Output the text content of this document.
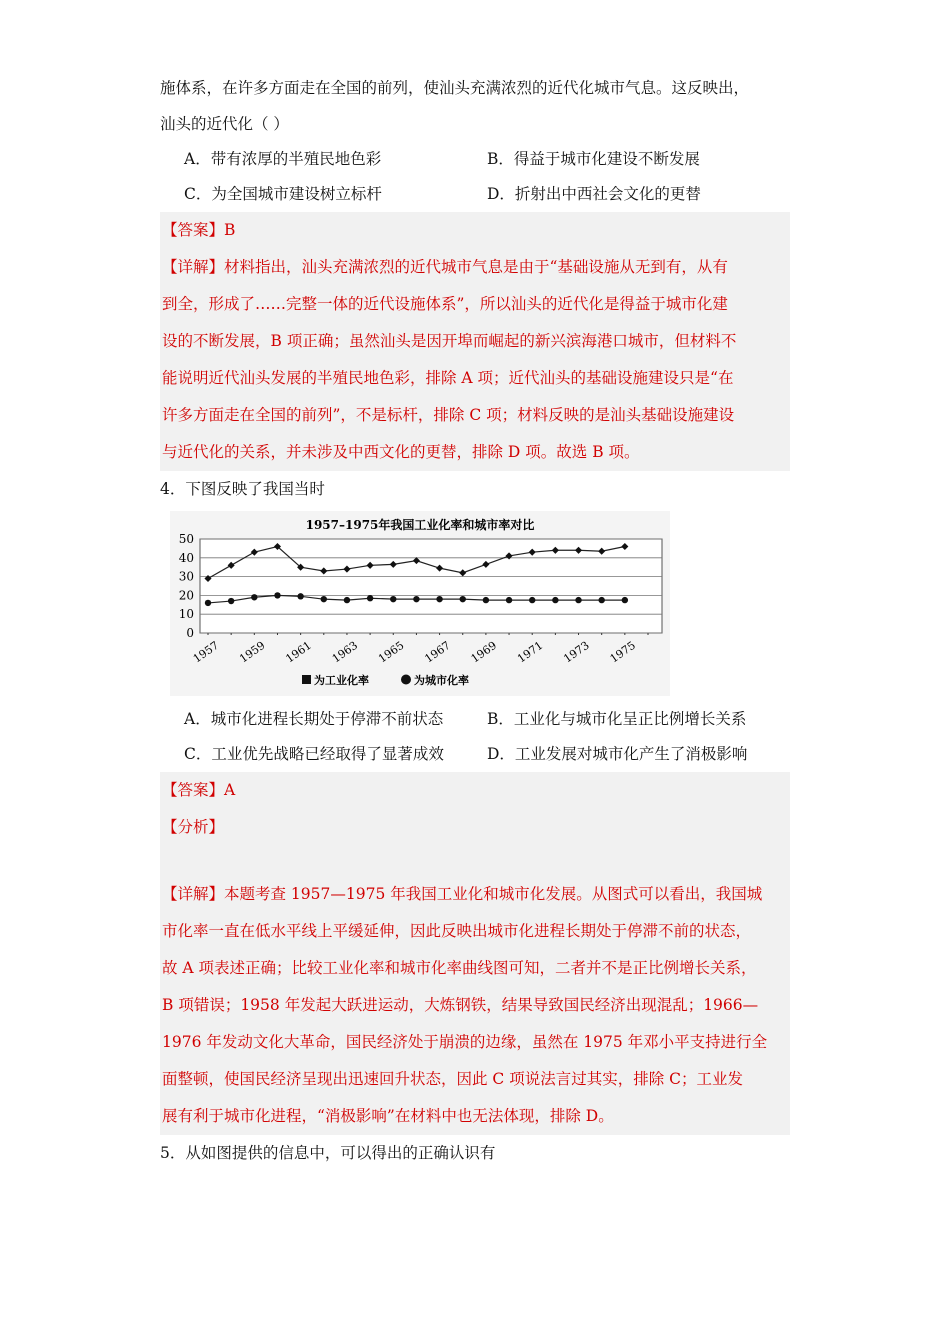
施体系，在许多方面走在全国的前列，使汕头充满浓烈的近代化城市气息。这反映出，
汕头的近代化（ ）
A．带有浓厚的半殖民地色彩	B．得益于城市化建设不断发展
C．为全国城市建设树立标杆	D．折射出中西社会文化的更替

【答案】B

【详解】材料指出，汕头充满浓烈的近代城市气息是由于“基础设施从无到有，从有

到全，形成了……完整一体的近代设施体系”，所以汕头的近代化是得益于城市化建

设的不断发展，B 项正确；虽然汕头是因开埠而崛起的新兴滨海港口城市，但材料不

能说明近代汕头发展的半殖民地色彩，排除 A 项；近代汕头的基础设施建设只是“在

许多方面走在全国的前列”，不是标杆，排除 C 项；材料反映的是汕头基础设施建设

与近代化的关系，并未涉及中西文化的更替，排除 D 项。故选 B 项。

4．下图反映了我国当时
1957–1975年我国工业化率和城市率对比
0
10
20
30
40
50
1957 1959 1961 1963 1965 1967 1969 1971 1973 1975
为工业化率	为城市化率
A．城市化进程长期处于停滞不前状态	B．工业化与城市化呈正比例增长关系
C．工业优先战略已经取得了显著成效	D．工业发展对城市化产生了消极影响

【答案】A

【分析】

【详解】本题考查 1957—1975 年我国工业化和城市化发展。从图式可以看出，我国城

市化率一直在低水平线上平缓延伸，因此反映出城市化进程长期处于停滞不前的状态，

故 A 项表述正确；比较工业化率和城市化率曲线图可知，二者并不是正比例增长关系，

B 项错误；1958 年发起大跃进运动，大炼钢铁，结果导致国民经济出现混乱；1966—

1976 年发动文化大革命，国民经济处于崩溃的边缘，虽然在 1975 年邓小平支持进行全

面整顿，使国民经济呈现出迅速回升状态，因此 C 项说法言过其实，排除 C；工业发

展有利于城市化进程，“消极影响”在材料中也无法体现，排除 D。

5．从如图提供的信息中，可以得出的正确认识有
